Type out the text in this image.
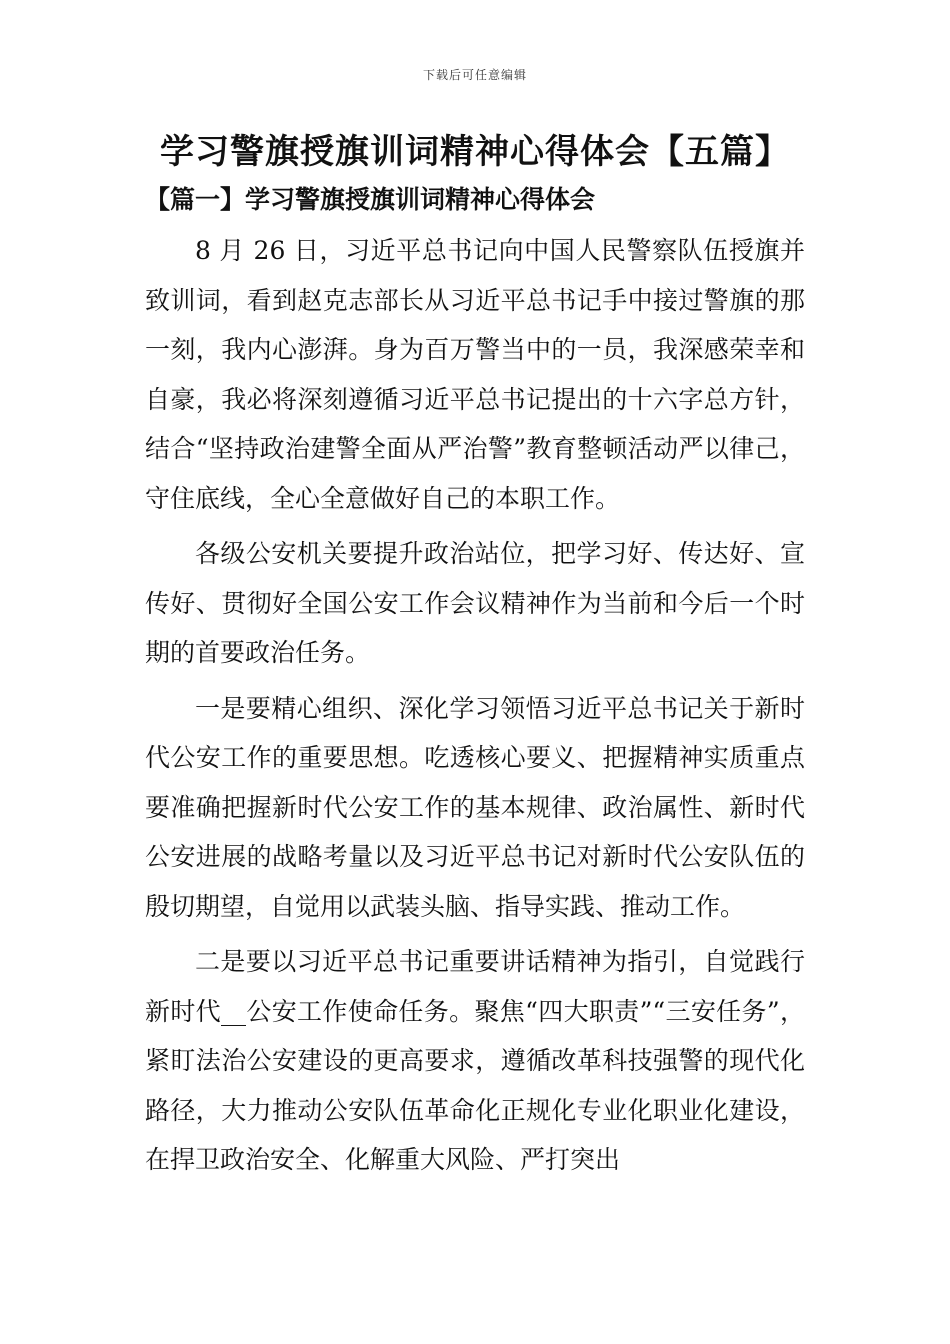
下载后可任意编辑
学习警旗授旗训词精神心得体会【五篇】
【篇一】学习警旗授旗训词精神心得体会

8 月 26 日，习近平总书记向中国人民警察队伍授旗并致训词，看到赵克志部长从习近平总书记手中接过警旗的那一刻，我内心澎湃。身为百万警当中的一员，我深感荣幸和自豪，我必将深刻遵循习近平总书记提出的十六字总方针，结合“坚持政治建警全面从严治警”教育整顿活动严以律己，守住底线，全心全意做好自己的本职工作。

各级公安机关要提升政治站位，把学习好、传达好、宣传好、贯彻好全国公安工作会议精神作为当前和今后一个时期的首要政治任务。

一是要精心组织、深化学习领悟习近平总书记关于新时代公安工作的重要思想。吃透核心要义、把握精神实质重点要准确把握新时代公安工作的基本规律、政治属性、新时代公安进展的战略考量以及习近平总书记对新时代公安队伍的殷切期望，自觉用以武装头脑、指导实践、推动工作。

二是要以习近平总书记重要讲话精神为指引，自觉践行新时代__公安工作使命任务。聚焦“四大职责”“三安任务”，紧盯法治公安建设的更高要求，遵循改革科技强警的现代化路径，大力推动公安队伍革命化正规化专业化职业化建设，在捍卫政治安全、化解重大风险、严打突出
